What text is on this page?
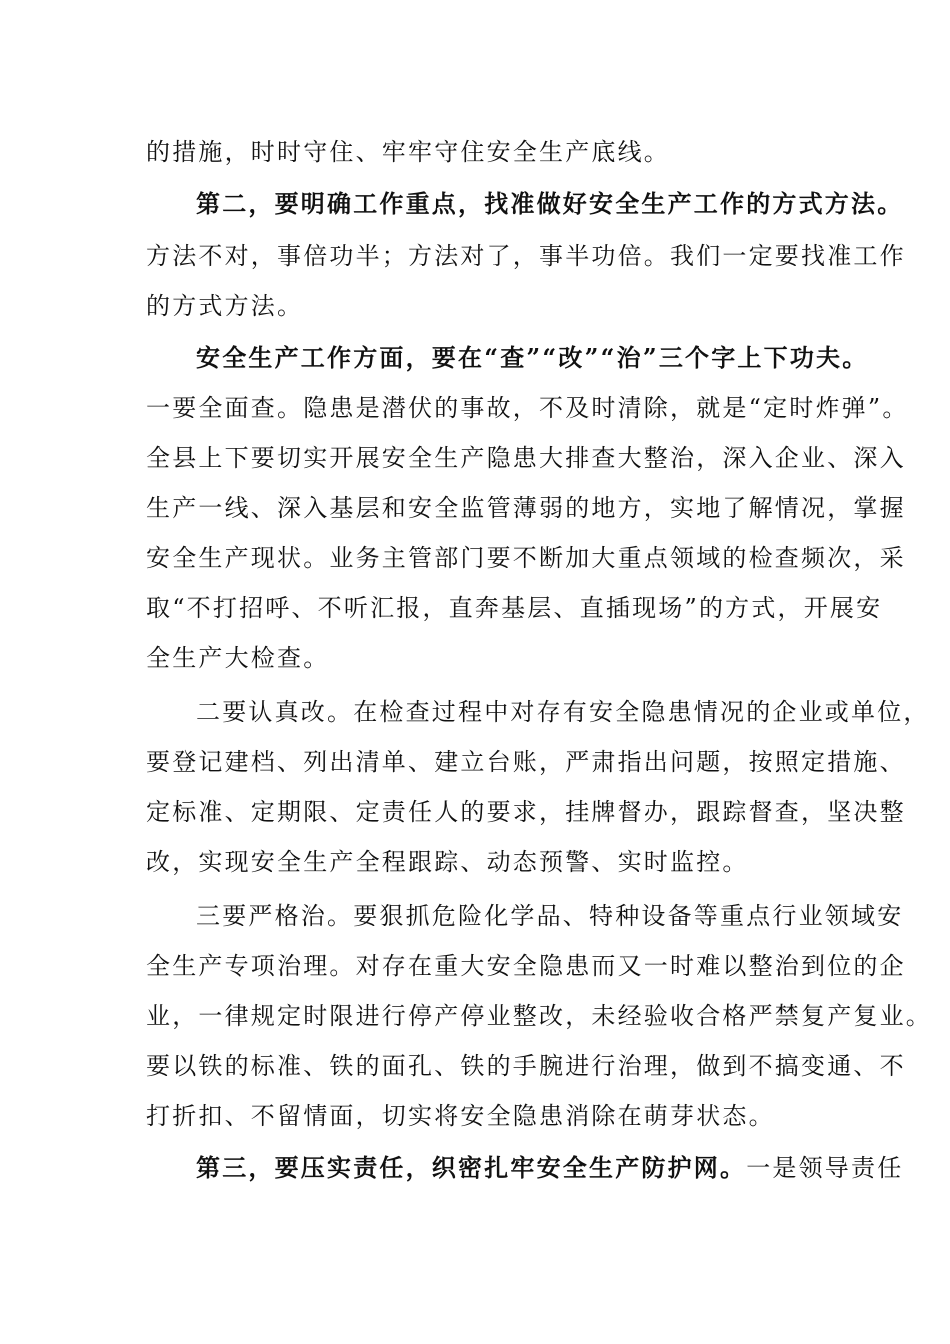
的措施，时时守住、牢牢守住安全生产底线。
第二，要明确工作重点，找准做好安全生产工作的方式方法。
方法不对，事倍功半；方法对了，事半功倍。我们一定要找准工作
的方式方法。
安全生产工作方面，要在“查”“改”“治”三个字上下功夫。
一要全面查。隐患是潜伏的事故，不及时清除，就是“定时炸弹”。
全县上下要切实开展安全生产隐患大排查大整治，深入企业、深入
生产一线、深入基层和安全监管薄弱的地方，实地了解情况，掌握
安全生产现状。业务主管部门要不断加大重点领域的检查频次，采
取“不打招呼、不听汇报，直奔基层、直插现场”的方式，开展安
全生产大检查。
二要认真改。在检查过程中对存有安全隐患情况的企业或单位，
要登记建档、列出清单、建立台账，严肃指出问题，按照定措施、
定标准、定期限、定责任人的要求，挂牌督办，跟踪督查，坚决整
改，实现安全生产全程跟踪、动态预警、实时监控。
三要严格治。要狠抓危险化学品、特种设备等重点行业领域安
全生产专项治理。对存在重大安全隐患而又一时难以整治到位的企
业，一律规定时限进行停产停业整改，未经验收合格严禁复产复业。
要以铁的标准、铁的面孔、铁的手腕进行治理，做到不搞变通、不
打折扣、不留情面，切实将安全隐患消除在萌芽状态。
第三，要压实责任，织密扎牢安全生产防护网。一是领导责任
